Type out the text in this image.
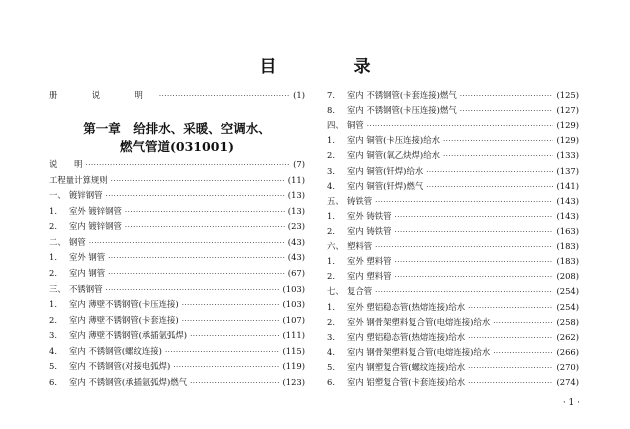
目　录
册　说　明 ·····	(1)
第一章　给排水、采暖、空调水、
燃气管道(031001)
说　　明 ·····	(7)
工程量计算规则 ·····	(11)
一、 镀锌钢管 ·····	(13)
1.	室外 镀锌钢管 ·····	(13)
2.	室内 镀锌钢管 ·····	(23)
二、 钢管 ·····	(43)
1.	室外 钢管 ·····	(43)
2.	室内 钢管 ·····	(67)
三、 不锈钢管 ·····	(103)
1.	室内 薄壁不锈钢管(卡压连接) ·····	(103)
2.	室内 薄壁不锈钢管(卡套连接) ·····	(107)
3.	室内 薄壁不锈钢管(承插氩弧焊) ·····	(111)
4.	室内 不锈钢管(螺纹连接) ·····	(115)
5.	室内 不锈钢管(对接电弧焊) ·····	(119)
6.	室内 不锈钢管(承插氩弧焊)燃气 ·····	(123)
7.	室内 不锈钢管(卡套连接)燃气 ·····	(125)
8.	室内 不锈钢管(卡压连接)燃气 ·····	(127)
四、 铜管 ·····	(129)
1.	室内 铜管(卡压连接)给水 ·····	(129)
2.	室内 铜管(氧乙炔焊)给水 ·····	(133)
3.	室内 铜管(钎焊)给水 ·····	(137)
4.	室内 铜管(钎焊)燃气 ·····	(141)
五、 铸铁管 ·····	(143)
1.	室外 铸铁管 ·····	(143)
2.	室内 铸铁管 ·····	(163)
六、 塑料管 ·····	(183)
1.	室外 塑料管 ·····	(183)
2.	室内 塑料管 ·····	(208)
七、 复合管 ·····	(254)
1.	室外 塑铝稳态管(热熔连接)给水 ·····	(254)
2.	室外 钢骨架塑料复合管(电熔连接)给水 ·····	(258)
3.	室内 塑铝稳态管(热熔连接)给水 ·····	(262)
4.	室内 钢骨架塑料复合管(电熔连接)给水 ·····	(266)
5.	室内 钢塑复合管(螺纹连接)给水 ·····	(270)
6.	室内 铝塑复合管(卡套连接)给水 ·····	(274)
· 1 ·
